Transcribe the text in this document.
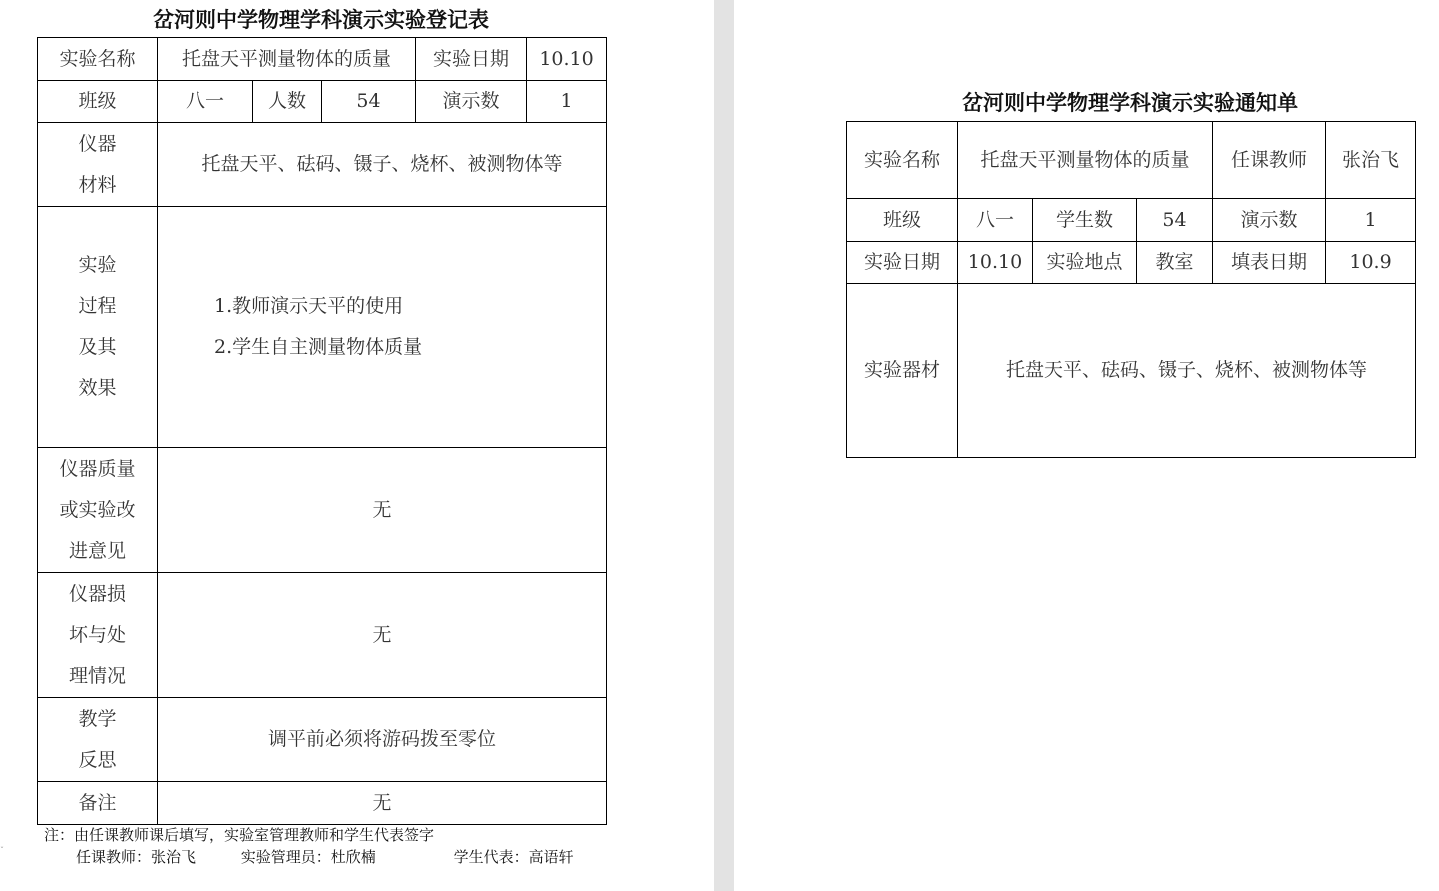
ˇ
岔河则中学物理学科演示实验登记表
实验名称	托盘天平测量物体的质量			实验日期	10.10
班级	八一	人数	54	演示数	1

仪器
材料	托盘天平、砝码、镊子、烧杯、被测物体等				

实验
过程
及其
效果	1.教师演示天平的使用
2.学生自主测量物体质量				

仪器质量
或实验改
进意见	无				

仪器损
坏与处
理情况	无				

教学
反思	调平前必须将游码拨至零位				
备注	无				
注：由任课教师课后填写，实验室管理教师和学生代表签字
任课教师：张治飞	实验管理员：杜欣楠	学生代表：高语轩
岔河则中学物理学科演示实验通知单
实验名称	托盘天平测量物体的质量			任课教师	张治飞
班级	八一	学生数	54	演示数	1
实验日期	10.10	实验地点	教室	填表日期	10.9
实验器材	托盘天平、砝码、镊子、烧杯、被测物体等				
